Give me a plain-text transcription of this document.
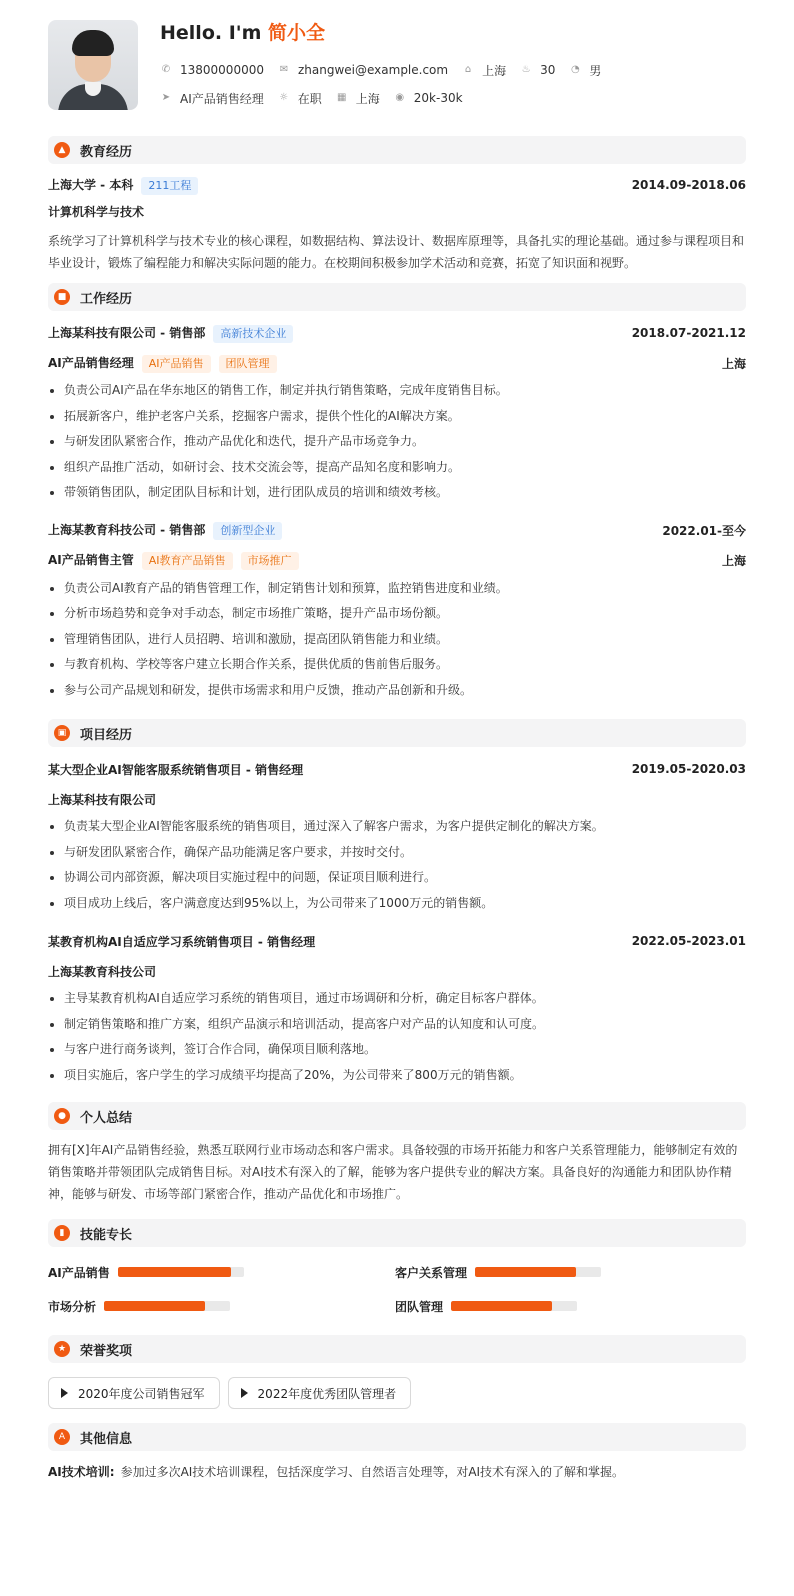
Hello. I'm 简小全
✆ 13800000000 ✉ zhangwei@example.com ⌂ 上海 ♨ 30 ◔ 男
➤ AI产品销售经理 ☼ 在职 ▦ 上海 ◉ 20k-30k
▲	教育经历
上海大学 - 本科 211工程	2014.09-2018.06
计算机科学与技术

系统学习了计算机科学与技术专业的核心课程，如数据结构、算法设计、数据库原理等，具备扎实的理论基础。通过参与课程项目和毕业设计，锻炼了编程能力和解决实际问题的能力。在校期间积极参加学术活动和竞赛，拓宽了知识面和视野。

■ 工作经历
上海某科技有限公司 - 销售部 高新技术企业	2018.07-2021.12
AI产品销售经理 AI产品销售 团队管理	上海
负责公司AI产品在华东地区的销售工作，制定并执行销售策略，完成年度销售目标。
拓展新客户，维护老客户关系，挖掘客户需求，提供个性化的AI解决方案。
与研发团队紧密合作，推动产品优化和迭代，提升产品市场竞争力。
组织产品推广活动，如研讨会、技术交流会等，提高产品知名度和影响力。
带领销售团队，制定团队目标和计划，进行团队成员的培训和绩效考核。
上海某教育科技公司 - 销售部 创新型企业	2022.01-至今
AI产品销售主管 AI教育产品销售 市场推广	上海
负责公司AI教育产品的销售管理工作，制定销售计划和预算，监控销售进度和业绩。
分析市场趋势和竞争对手动态，制定市场推广策略，提升产品市场份额。
管理销售团队，进行人员招聘、培训和激励，提高团队销售能力和业绩。
与教育机构、学校等客户建立长期合作关系，提供优质的售前售后服务。
参与公司产品规划和研发，提供市场需求和用户反馈，推动产品创新和升级。
▣ 项目经历
某大型企业AI智能客服系统销售项目 - 销售经理	2019.05-2020.03
上海某科技有限公司
负责某大型企业AI智能客服系统的销售项目，通过深入了解客户需求，为客户提供定制化的解决方案。
与研发团队紧密合作，确保产品功能满足客户要求，并按时交付。
协调公司内部资源，解决项目实施过程中的问题，保证项目顺利进行。
项目成功上线后，客户满意度达到95%以上，为公司带来了1000万元的销售额。
某教育机构AI自适应学习系统销售项目 - 销售经理	2022.05-2023.01
上海某教育科技公司
主导某教育机构AI自适应学习系统的销售项目，通过市场调研和分析，确定目标客户群体。
制定销售策略和推广方案，组织产品演示和培训活动，提高客户对产品的认知度和认可度。
与客户进行商务谈判，签订合作合同，确保项目顺利落地。
项目实施后，客户学生的学习成绩平均提高了20%，为公司带来了800万元的销售额。
●	个人总结

拥有[X]年AI产品销售经验，熟悉互联网行业市场动态和客户需求。具备较强的市场开拓能力和客户关系管理能力，能够制定有效的销售策略并带领团队完成销售目标。对AI技术有深入的了解，能够为客户提供专业的解决方案。具备良好的沟通能力和团队协作精神，能够与研发、市场等部门紧密合作，推动产品优化和市场推广。

▮	技能专长
AI产品销售	客户关系管理
市场分析	团队管理
★	荣誉奖项
2020年度公司销售冠军	2022年度优秀团队管理者
A	其他信息

AI技术培训: 参加过多次AI技术培训课程，包括深度学习、自然语言处理等，对AI技术有深入的了解和掌握。
